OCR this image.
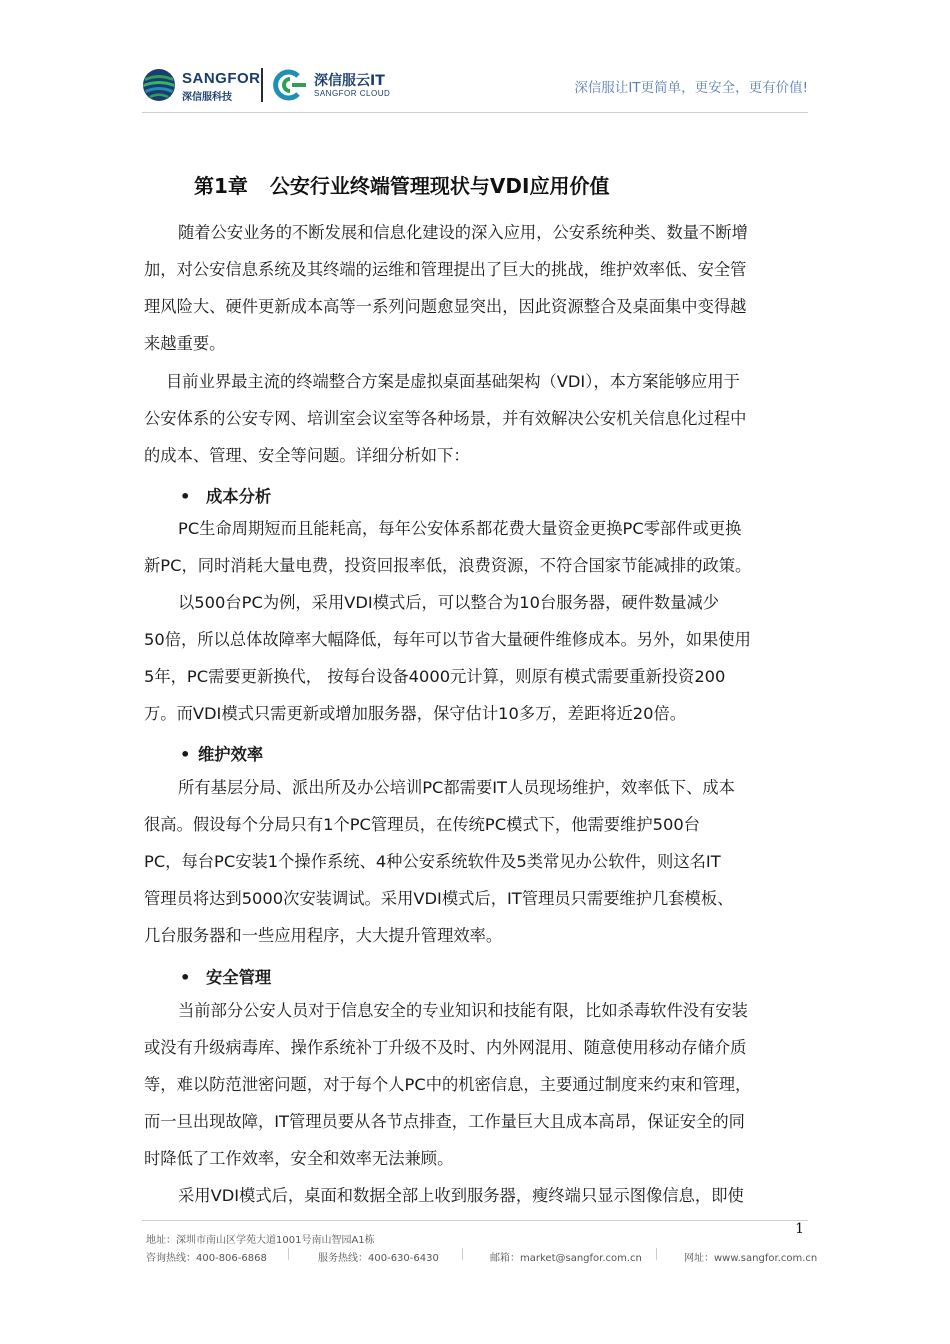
SANGFOR
深信服科技
深信服云IT
SANGFOR CLOUD	深信服让IT更简单，更安全，更有价值!
第1章 公安行业终端管理现状与VDI应用价值
随着公安业务的不断发展和信息化建设的深入应用，公安系统种类、数量不断增
加，对公安信息系统及其终端的运维和管理提出了巨大的挑战，维护效率低、安全管
理风险大、硬件更新成本高等一系列问题愈显突出，因此资源整合及桌面集中变得越
来越重要。
目前业界最主流的终端整合方案是虚拟桌面基础架构（VDI），本方案能够应用于
公安体系的公安专网、培训室会议室等各种场景，并有效解决公安机关信息化过程中
的成本、管理、安全等问题。详细分析如下：
• 成本分析
PC生命周期短而且能耗高，每年公安体系都花费大量资金更换PC零部件或更换
新PC，同时消耗大量电费，投资回报率低，浪费资源，不符合国家节能减排的政策。
以500台PC为例，采用VDI模式后，可以整合为10台服务器，硬件数量减少
50倍，所以总体故障率大幅降低，每年可以节省大量硬件维修成本。另外，如果使用
5年，PC需要更新换代， 按每台设备4000元计算，则原有模式需要重新投资200
万。而VDI模式只需更新或增加服务器，保守估计10多万，差距将近20倍。
• 维护效率
所有基层分局、派出所及办公培训PC都需要IT人员现场维护，效率低下、成本
很高。假设每个分局只有1个PC管理员，在传统PC模式下，他需要维护500台
PC，每台PC安装1个操作系统、4种公安系统软件及5类常见办公软件，则这名IT
管理员将达到5000次安装调试。采用VDI模式后，IT管理员只需要维护几套模板、
几台服务器和一些应用程序，大大提升管理效率。
• 安全管理
当前部分公安人员对于信息安全的专业知识和技能有限，比如杀毒软件没有安装
或没有升级病毒库、操作系统补丁升级不及时、内外网混用、随意使用移动存储介质
等，难以防范泄密问题，对于每个人PC中的机密信息，主要通过制度来约束和管理，
而一旦出现故障，IT管理员要从各节点排查，工作量巨大且成本高昂，保证安全的同
时降低了工作效率，安全和效率无法兼顾。
采用VDI模式后，桌面和数据全部上收到服务器，瘦终端只显示图像信息，即使
1
地址：深圳市南山区学苑大道1001号南山智园A1栋
咨询热线：400-806-6868	服务热线：400-630-6430	邮箱：market@sangfor.com.cn	网址：www.sangfor.com.cn
